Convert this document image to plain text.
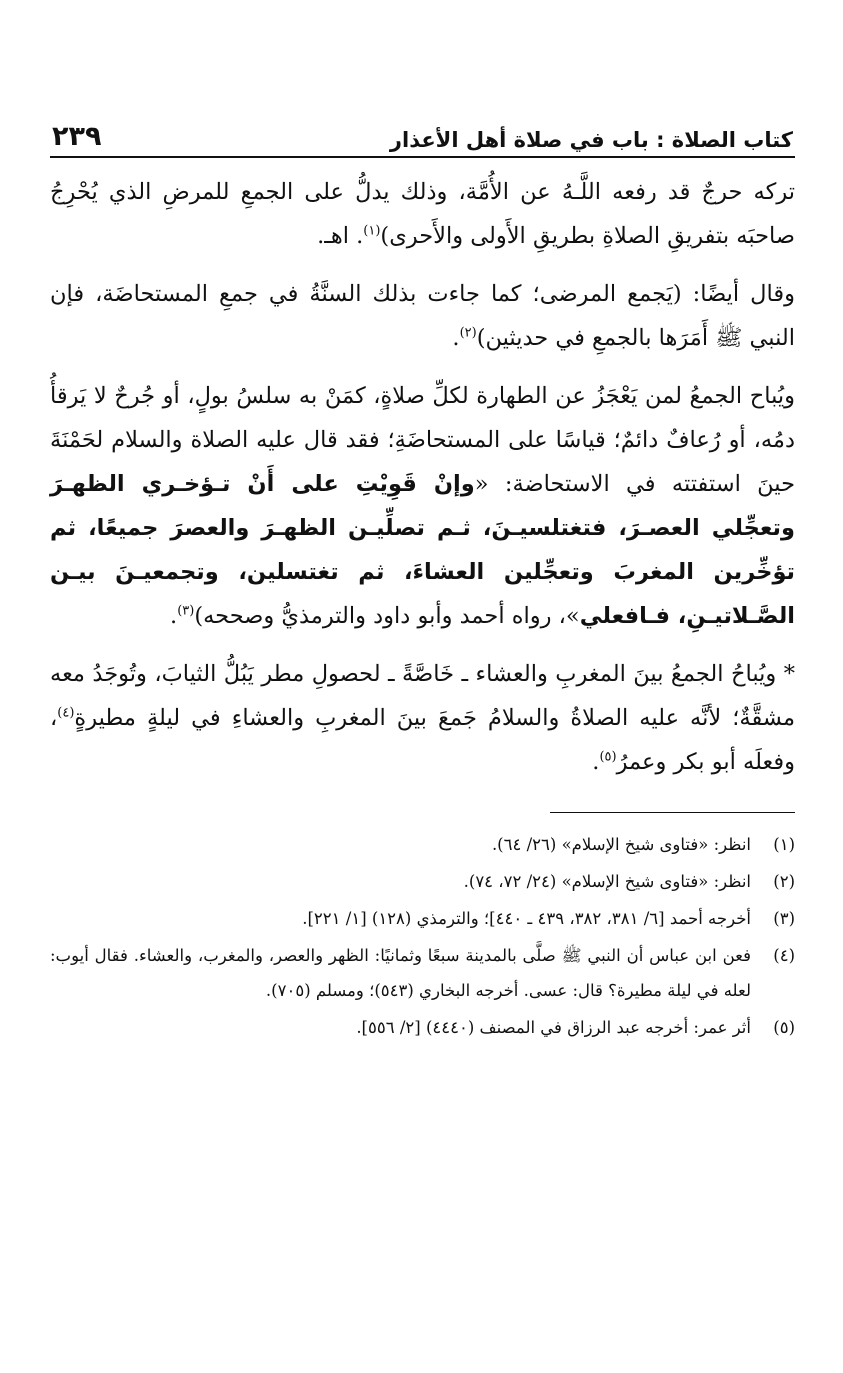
كتاب الصلاة : باب في صلاة أهل الأعذار
٢٣٩

تركه حرجٌ قد رفعه اللَّـهُ عن الأُمَّة، وذلك يدلُّ على الجمعِ للمرضِ الذي يُحْرِجُ صاحبَه بتفريقِ الصلاةِ بطريقِ الأَولى والأَحرى)$^{(١)}$. اهـ.

وقال أيضًا: (يَجمع المرضى؛ كما جاءت بذلك السنَّةُ في جمعِ المستحاضَة، فإن النبي ﷺ أَمَرَها بالجمعِ في حديثين)$^{(٢)}$.

ويُباح الجمعُ لمن يَعْجَزُ عن الطهارة لكلِّ صلاةٍ، كمَنْ به سلسُ بولٍ، أو جُرحٌ لا يَرقأُ دمُه، أو رُعافٌ دائمٌ؛ قياسًا على المستحاضَةِ؛ فقد قال عليه الصلاة والسلام لحَمْنَةَ حينَ استفتته في الاستحاضة: «وإنْ قَوِيْتِ على أَنْ تـؤخـري الظهـرَ وتعجِّلي العصـرَ، فتغتلسيـنَ، ثـم تصلِّيـن الظهـرَ والعصرَ جميعًا، ثم تؤخِّرين المغربَ وتعجِّلين العشاءَ، ثم تغتسلين، وتجمعيـنَ بيـن الصَّـلاتيـنِ، فـافعلي»، رواه أحمد وأبو داود والترمذيُّ وصححه)$^{(٣)}$.

* ويُباحُ الجمعُ بينَ المغربِ والعشاء ـ خَاصَّةً ـ لحصولِ مطر يَبُلُّ الثيابَ، وتُوجَدُ معه مشقَّةٌ؛ لأنَّه عليه الصلاةُ والسلامُ جَمعَ بينَ المغربِ والعشاءِ في ليلةٍ مطيرةٍ$^{(٤)}$، وفعلَه أبو بكر وعمرُ$^{(٥)}$.

(١)
انظر: «فتاوى شيخ الإسلام» (٢٦/ ٦٤).
(٢)
انظر: «فتاوى شيخ الإسلام» (٢٤/ ٧٢، ٧٤).
(٣)
أخرجه أحمد [٦/ ٣٨١، ٣٨٢، ٤٣٩ ـ ٤٤٠]؛ والترمذي (١٢٨) [١/ ٢٢١].
(٤)
فعن ابن عباس أن النبي ﷺ صلَّى بالمدينة سبعًا وثمانيًا: الظهر والعصر، والمغرب، والعشاء. فقال أيوب: لعله في ليلة مطيرة؟ قال: عسى. أخرجه البخاري (٥٤٣)؛ ومسلم (٧٠٥).
(٥)
أثر عمر: أخرجه عبد الرزاق في المصنف (٤٤٤٠) [٢/ ٥٥٦].
